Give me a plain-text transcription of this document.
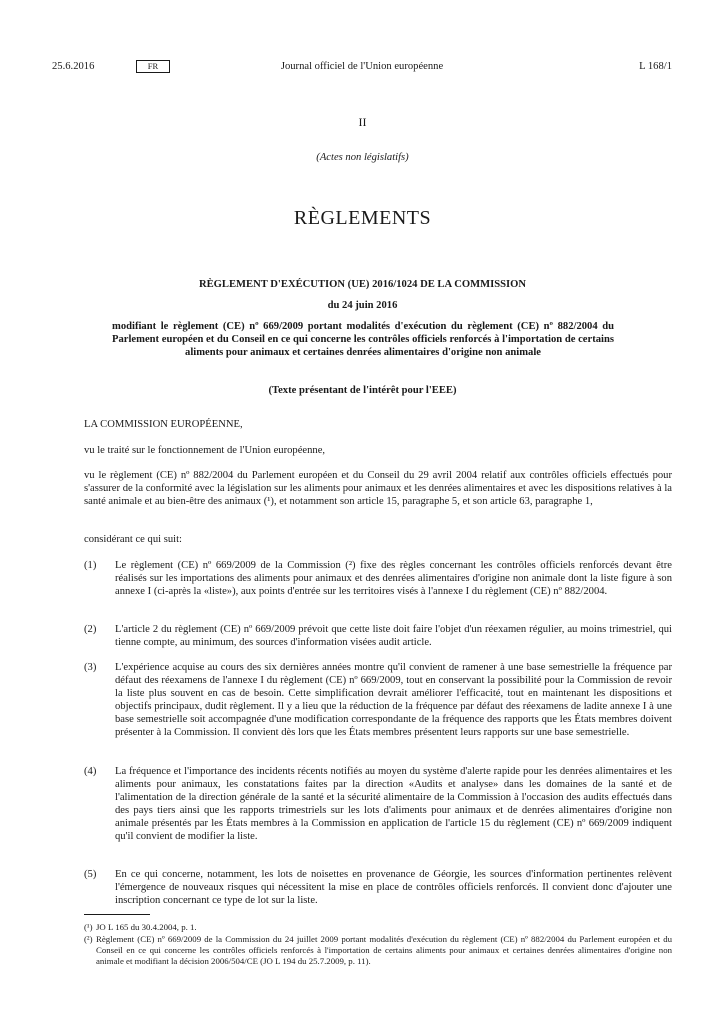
25.6.2016	Journal officiel de l'Union européenne
FR	L 168/1
II
(Actes non législatifs)
RÈGLEMENTS
RÈGLEMENT D'EXÉCUTION (UE) 2016/1024 DE LA COMMISSION
du 24 juin 2016
modifiant le règlement (CE) nº 669/2009 portant modalités d'exécution du règlement (CE) nº 882/2004 du Parlement européen et du Conseil en ce qui concerne les contrôles officiels renforcés à l'importation de certains aliments pour animaux et certaines denrées alimentaires d'origine non animale
(Texte présentant de l'intérêt pour l'EEE)
LA COMMISSION EUROPÉENNE,
vu le traité sur le fonctionnement de l'Union européenne,
vu le règlement (CE) nº 882/2004 du Parlement européen et du Conseil du 29 avril 2004 relatif aux contrôles officiels effectués pour s'assurer de la conformité avec la législation sur les aliments pour animaux et les denrées alimentaires et avec les dispositions relatives à la santé animale et au bien-être des animaux (¹), et notamment son article 15, paragraphe 5, et son article 63, paragraphe 1,
considérant ce qui suit:
(1) Le règlement (CE) nº 669/2009 de la Commission (²) fixe des règles concernant les contrôles officiels renforcés devant être réalisés sur les importations des aliments pour animaux et des denrées alimentaires d'origine non animale dont la liste figure à son annexe I (ci-après la «liste»), aux points d'entrée sur les territoires visés à l'annexe I du règlement (CE) nº 882/2004.
(2) L'article 2 du règlement (CE) nº 669/2009 prévoit que cette liste doit faire l'objet d'un réexamen régulier, au moins trimestriel, qui tienne compte, au minimum, des sources d'information visées audit article.
(3) L'expérience acquise au cours des six dernières années montre qu'il convient de ramener à une base semestrielle la fréquence par défaut des réexamens de l'annexe I du règlement (CE) nº 669/2009, tout en conservant la possibilité pour la Commission de revoir la liste plus souvent en cas de besoin. Cette simplification devrait améliorer l'efficacité, tout en maintenant les dispositions et objectifs principaux, dudit règlement. Il y a lieu que la réduction de la fréquence par défaut des réexamens de ladite annexe I à une base semestrielle soit accompagnée d'une modification correspondante de la fréquence des rapports que les États membres doivent présenter à la Commission. Il convient dès lors que les États membres présentent leurs rapports sur une base semestrielle.
(4) La fréquence et l'importance des incidents récents notifiés au moyen du système d'alerte rapide pour les denrées alimentaires et les aliments pour animaux, les constatations faites par la direction «Audits et analyse» dans les domaines de la santé et de l'alimentation de la direction générale de la santé et la sécurité alimentaire de la Commission à l'occasion des audits effectués dans des pays tiers ainsi que les rapports trimestriels sur les lots d'aliments pour animaux et de denrées alimentaires d'origine non animale présentés par les États membres à la Commission en application de l'article 15 du règlement (CE) nº 669/2009 indiquent qu'il convient de modifier la liste.
(5) En ce qui concerne, notamment, les lots de noisettes en provenance de Géorgie, les sources d'information pertinentes relèvent l'émergence de nouveaux risques qui nécessitent la mise en place de contrôles officiels renforcés. Il convient donc d'ajouter une inscription concernant ce type de lot sur la liste.
(¹) JO L 165 du 30.4.2004, p. 1.
(²) Règlement (CE) nº 669/2009 de la Commission du 24 juillet 2009 portant modalités d'exécution du règlement (CE) nº 882/2004 du Parlement européen et du Conseil en ce qui concerne les contrôles officiels renforcés à l'importation de certains aliments pour animaux et certaines denrées alimentaires d'origine non animale et modifiant la décision 2006/504/CE (JO L 194 du 25.7.2009, p. 11).
